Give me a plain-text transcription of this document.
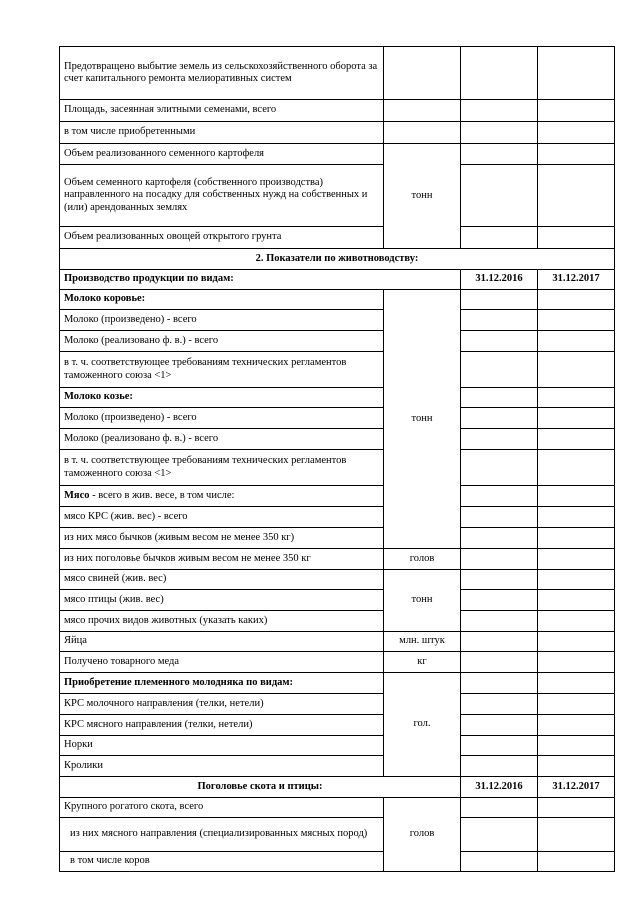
Предотвращено выбытие земель из сельскохозяйственного оборота за счет капитального ремонта мелиоративных систем			
Площадь, засеянная элитными семенами, всего			
в том числе приобретенными			
Объем реализованного семенного картофеля	тонн		
Объем семенного картофеля (собственного производства) направленного на посадку для собственных нужд на собственных и (или) арендованных землях			
Объем реализованных овощей открытого грунта			
2. Показатели по животноводству:			
Производство продукции по видам:		31.12.2016	31.12.2017
Молоко коровье:	тонн		
Молоко (произведено) - всего			
Молоко (реализовано ф. в.) - всего			
в т. ч. соответствующее требованиям технических регламентов таможенного союза <1>			
Молоко козье:			
Молоко (произведено) - всего			
Молоко (реализовано ф. в.) - всего			
в т. ч. соответствующее требованиям технических регламентов таможенного союза <1>			
Мясо - всего в жив. весе, в том числе:			
мясо КРС (жив. вес) - всего			
из них мясо бычков (живым весом не менее 350 кг)			
из них поголовье бычков живым весом не менее 350 кг	голов		
мясо свиней (жив. вес)	тонн		
мясо птицы (жив. вес)			
мясо прочих видов животных (указать каких)			
Яйца	млн. штук		
Получено товарного меда	кг		
Приобретение племенного молодняка по видам:	гол.		
КРС молочного направления (телки, нетели)			
КРС мясного направления (телки, нетели)			
Норки			
Кролики			
Поголовье скота и птицы:		31.12.2016	31.12.2017
Крупного рогатого скота, всего	голов		
из них мясного направления (специализированных мясных пород)			
в том числе коров			
